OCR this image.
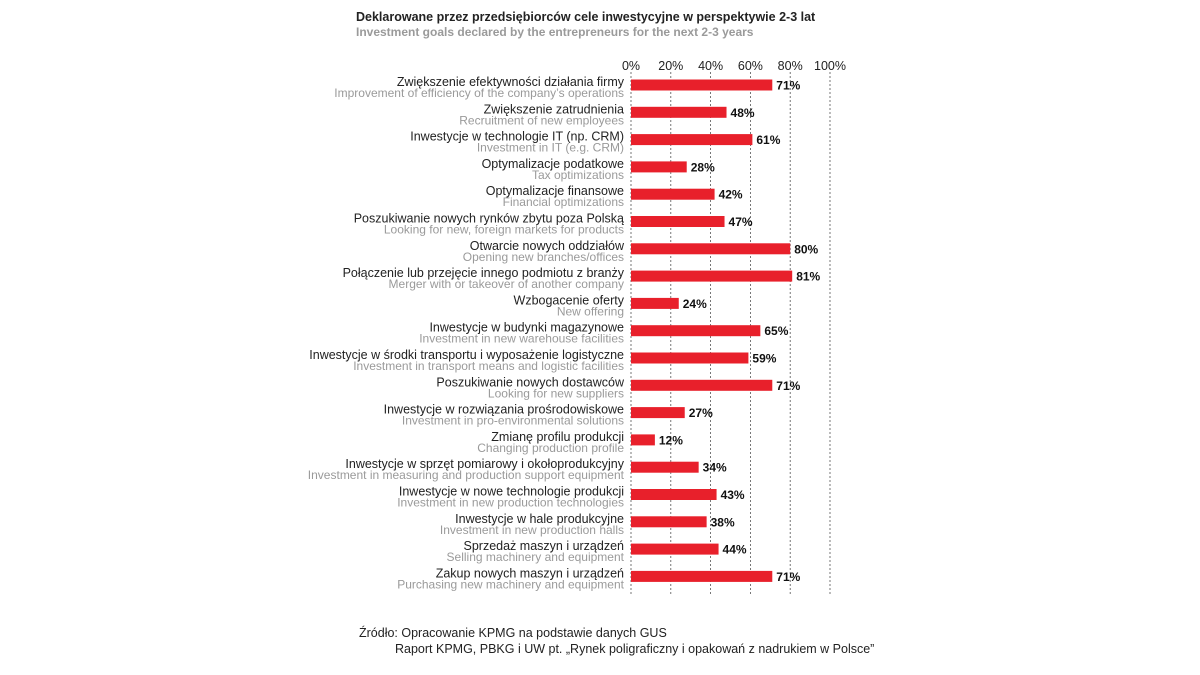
Deklarowane przez przedsiębiorców cele inwestycyjne w perspektywie 2-3 lat
Investment goals declared by the entrepreneurs for the next 2-3 years
0% 20% 40% 60% 80% 100%
Zwiększenie efektywności działania firmy
Improvement of efficiency of the company’s operations
Zwiększenie zatrudnienia
Recruitment of new employees
Inwestycje w technologie IT (np. CRM)
Investment in IT (e.g. CRM)
Optymalizacje podatkowe
Tax optimizations
Optymalizacje finansowe
Financial optimizations
Poszukiwanie nowych rynków zbytu poza Polską
Looking for new, foreign markets for products
Otwarcie nowych oddziałów
Opening new branches/offices
Połączenie lub przejęcie innego podmiotu z branży
Merger with or takeover of another company
Wzbogacenie oferty
New offering
Inwestycje w budynki magazynowe
Investment in new warehouse facilities
Inwestycje w środki transportu i wyposażenie logistyczne
Investment in transport means and logistic facilities
Poszukiwanie nowych dostawców
Looking for new suppliers
Inwestycje w rozwiązania prośrodowiskowe
Investment in pro-environmental solutions
Zmianę profilu produkcji
Changing production profile
Inwestycje w sprzęt pomiarowy i okołoprodukcyjny
Investment in measuring and production support equipment
Inwestycje w nowe technologie produkcji
Investment in new production technologies
Inwestycje w hale produkcyjne
Investment in new production halls
Sprzedaż maszyn i urządzeń
Selling machinery and equipment
Zakup nowych maszyn i urządzeń
Purchasing new machinery and equipment
71%
48%
61%
28%
42%
47%
80%
81%
24%
65%
59%
71%
27%
12%
34%
43%
38%
44%
71%
Źródło: Opracowanie KPMG na podstawie danych GUS
Raport KPMG, PBKG i UW pt. „Rynek poligraficzny i opakowań z nadrukiem w Polsce”
